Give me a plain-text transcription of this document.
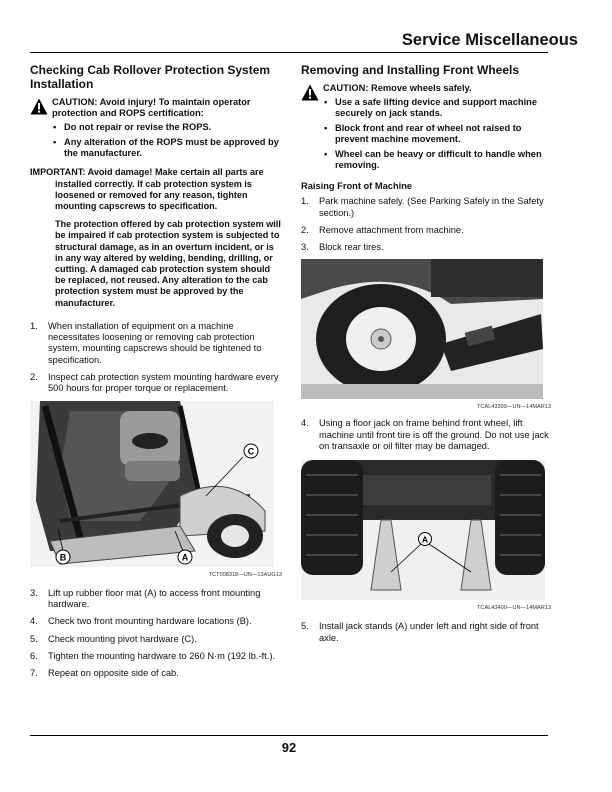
Service Miscellaneous
Checking Cab Rollover Protection System Installation
CAUTION: Avoid injury! To maintain operator protection and ROPS certification:
• Do not repair or revise the ROPS.
• Any alteration of the ROPS must be approved by the manufacturer.

IMPORTANT: Avoid damage! Make certain all parts are installed correctly. If cab protection system is loosened or removed for any reason, tighten mounting capscrews to specification.

The protection offered by cab protection system will be impaired if cab protection system is subjected to structural damage, as in an overturn incident, or is in any way altered by welding, bending, drilling, or cutting. A damaged cab protection system should be replaced, not reused. Any alteration to the cab protection system must be approved by the manufacturer.

1. When installation of equipment on a machine necessitates loosening or removing cab protection system, mounting capscrews should be tightened to specification.
2. Inspect cab protection system mounting hardware every 500 hours for proper torque or replacement.
C
B	A
TCT008318—UN—13AUG13
3. Lift up rubber floor mat (A) to access front mounting hardware.
4. Check two front mounting hardware locations (B).
5. Check mounting pivot hardware (C).
6. Tighten the mounting hardware to 260 N·m (192 lb.-ft.).
7. Repeat on opposite side of cab.
Removing and Installing Front Wheels
CAUTION: Remove wheels safely.
• Use a safe lifting device and support machine securely on jack stands.
• Block front and rear of wheel not raised to prevent machine movement.
• Wheel can be heavy or difficult to handle when removing.
Raising Front of Machine
1. Park machine safely. (See Parking Safely in the Safety section.)
2. Remove attachment from machine.
3. Block rear tires.
TCAL43399—UN—14MAR13
4. Using a floor jack on frame behind front wheel, lift machine until front tire is off the ground. Do not use jack on transaxle or oil filter may be damaged.
A
TCAL43400—UN—14MAR13
5. Install jack stands (A) under left and right side of front axle.
92
